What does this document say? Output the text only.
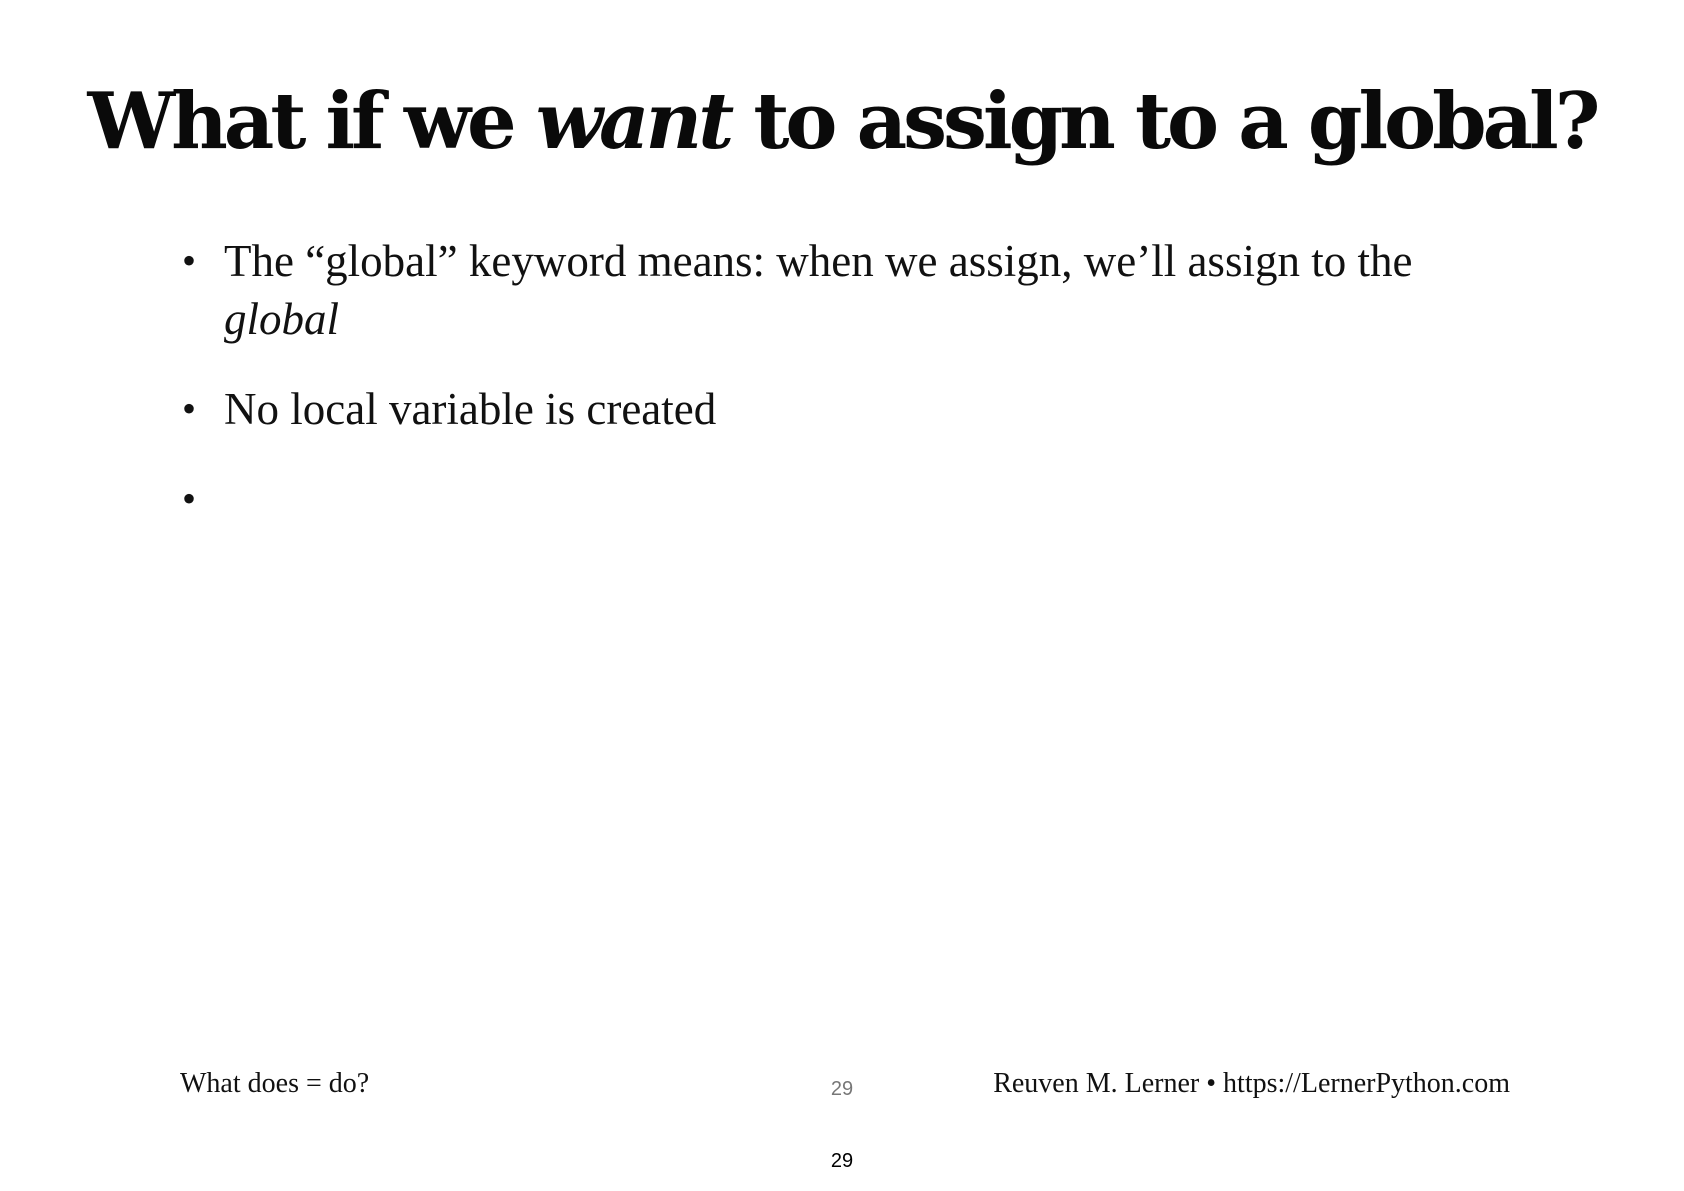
What if we want to assign to a global?
• The “global” keyword means: when we assign, we’ll assign to the global
• No local variable is created
•
What does = do?	29	Reuven M. Lerner • https://LernerPython.com
29
